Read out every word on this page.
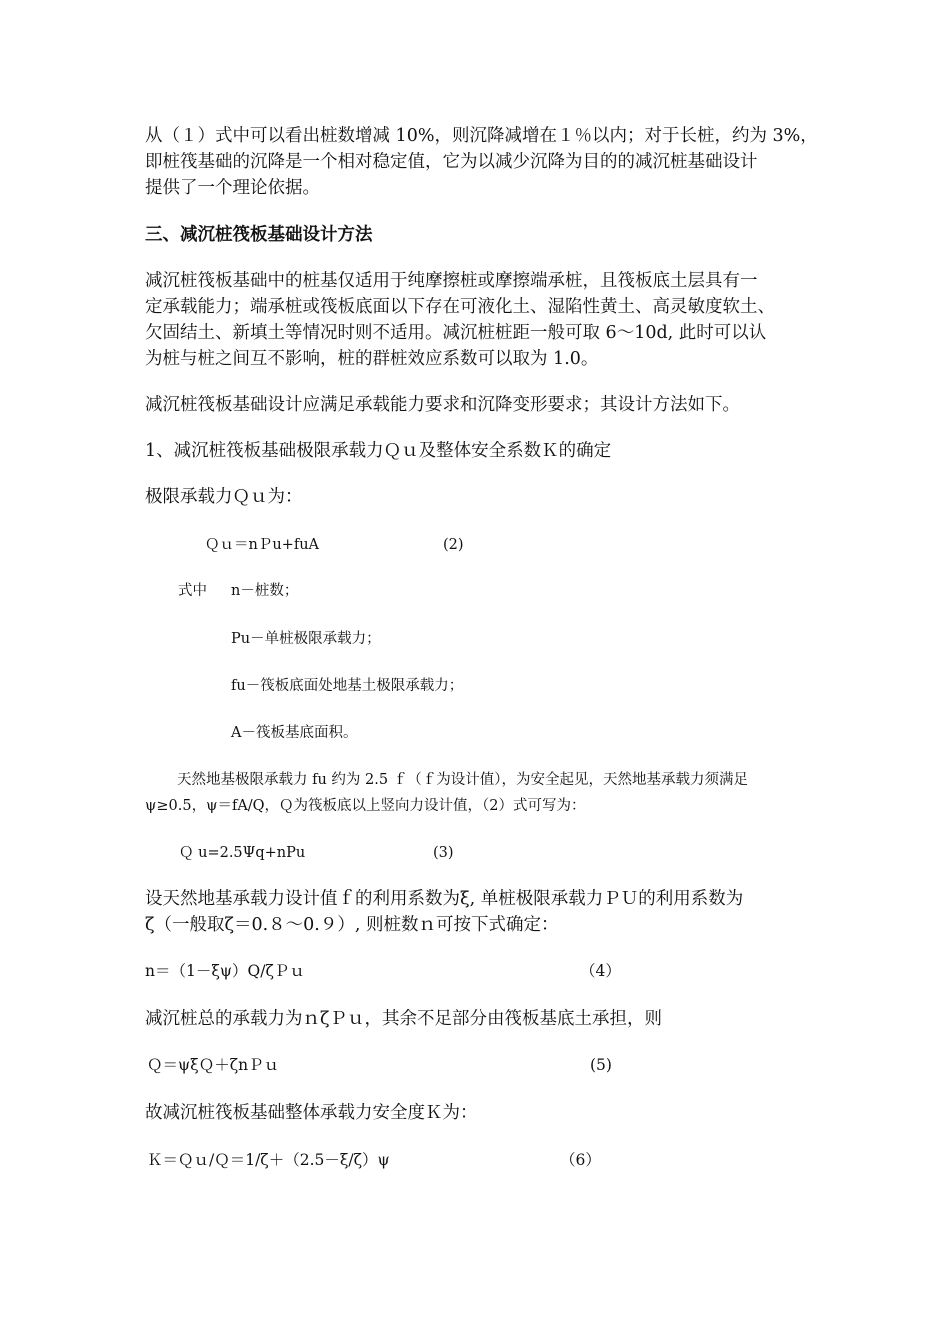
从（１）式中可以看出桩数增减 10%，则沉降减增在１％以内；对于长桩，约为 3%，
即桩筏基础的沉降是一个相对稳定值，它为以减少沉降为目的的减沉桩基础设计
提供了一个理论依据。
三、减沉桩筏板基础设计方法
减沉桩筏板基础中的桩基仅适用于纯摩擦桩或摩擦端承桩，且筏板底土层具有一
定承载能力；端承桩或筏板底面以下存在可液化土、湿陷性黄土、高灵敏度软土、
欠固结土、新填土等情况时则不适用。减沉桩桩距一般可取 6～10d, 此时可以认
为桩与桩之间互不影响，桩的群桩效应系数可以取为 1.0。
减沉桩筏板基础设计应满足承载能力要求和沉降变形要求；其设计方法如下。
1、减沉桩筏板基础极限承载力Ｑｕ及整体安全系数Ｋ的确定
极限承载力Ｑｕ为：
Ｑｕ＝nＰu+fuA	(2)
式中 n－桩数；
Pu－单桩极限承载力；
fu－筏板底面处地基土极限承载力；
A－筏板基底面积。
天然地基极限承载力 fu 约为 2.5 ｆ（ｆ为设计值），为安全起见，天然地基承载力须满足
ψ≥0.5，ψ＝fA/Q，Ｑ为筏板底以上竖向力设计值，（2）式可写为：
Ｑ u=2.5Ψq+nPu	(3)
设天然地基承载力设计值ｆ的利用系数为ξ, 单桩极限承载力ＰＵ的利用系数为
ζ（一般取ζ＝0.８～0.９）, 则桩数ｎ可按下式确定：
n＝（1－ξψ）Q/ζＰｕ	（4）
减沉桩总的承载力为ｎζＰｕ，其余不足部分由筏板基底土承担，则
Ｑ＝ψξＱ＋ζnＰｕ	(5)
故减沉桩筏板基础整体承载力安全度Ｋ为：
Ｋ＝Ｑｕ/Ｑ＝1/ζ＋（2.5－ξ/ζ）ψ	（6）
